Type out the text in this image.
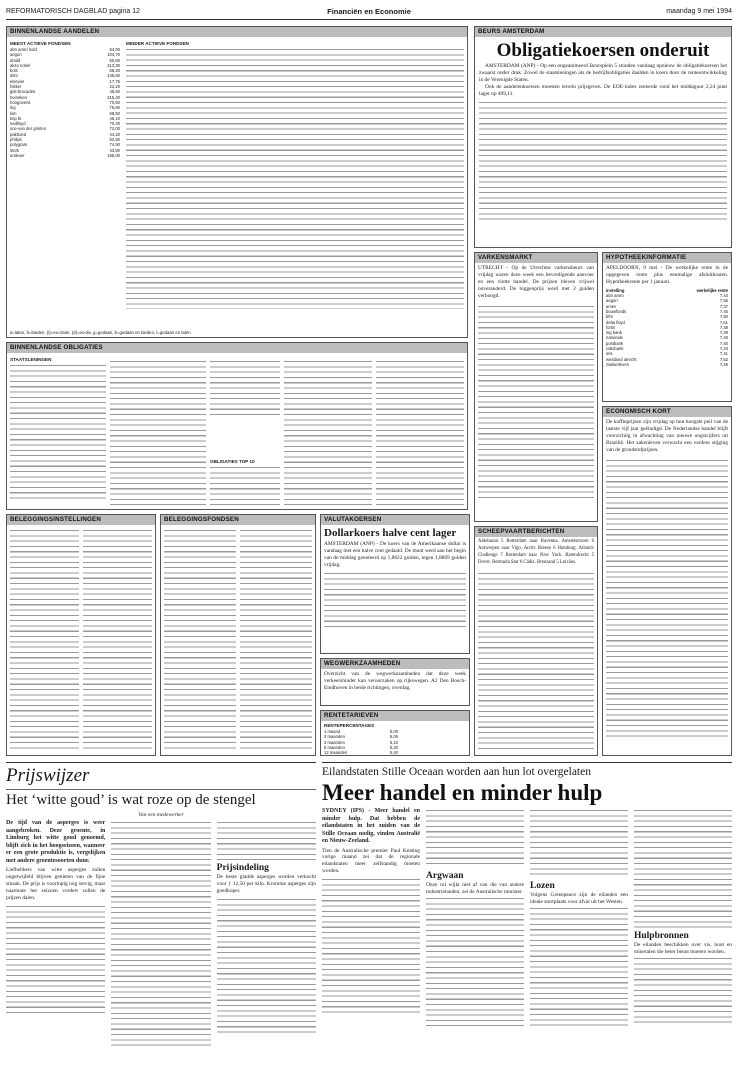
REFORMATORISCH DAGBLAD pagina 12	Financiën en Economie	maandag 9 mei 1994
BINNENLANDSE AANDELEN
MEEST ACTIEVE FONDSEN
abn amro hold	64,00
aegon	104,70
ahold	50,60
akzo nobel	213,30
bols	58,20
dsm	145,60
elsevier	17,75
fokker	22,20
gist-brocades	48,50
heineken	215,40
hoogovens	70,50
ing	76,80
kim	58,50
knp bt	46,10
nedlloyd	70,30
oce-van der grinten	72,00
pakhoed	44,20
philips	52,80
polygram	74,90
stork	43,80
unilever	195,00
MINDER ACTIEVE FONDSEN
a=laten, b=bieden, (t)=ex-claim, (d)=ex-div, g=gedaan, b=gedaan en bieden, l=gedaan en laten
BEURS AMSTERDAM
Obligatiekoersen onderuit

AMSTERDAM (ANP) - Op een ongeanimeerd Beursplein 5 stonden vandaag opnieuw de obligatiekoersen het zwaarst onder druk. Zowel de staatsleningen als de bedrijfsobligaties daalden in koers door de renteontwikkeling in de Verenigde Staten.

Ook de aandelenkoersen moesten terrein prijsgeven. De EOE-index noteerde rond het middaguur 2,24 punt lager op 409,11.

VARKENSMARKT
UTRECHT - Op de Utrechtse varkensbeurs van vrijdag waren deze week een bevredigende aanvoer en een vlotte handel. De prijzen bleven vrijwel onveranderd. De biggenprijs werd met 2 gulden verhoogd.
HYPOTHEEKINFORMATIE
APELDOORN, 9 mei - De werkelijke rente in de opgegeven rente plus eenmalige afsluitkosten. Hypotheekrente per 1 januari.
instelling	werkelijke rente
abn amro	7,44
aegon	7,55
amev	7,37
bouwfonds	7,45
bfm	7,50
delta lloyd	7,61
fortis	7,38
ing bank	7,39
nationale	7,46
postbank	7,40
rabobank	7,44
sns	7,41
westland utrecht	7,52
zwitserleven	7,49
ECONOMISCH KORT
De koffieprijzen zijn vrijdag op hun hoogste peil van de laatste vijf jaar geëindigd. De Nederlandse handel blijft voorzichtig in afwachting van nieuwe oogstcijfers uit Brazilië. Het zakenleven verwacht een verdere stijging van de grondstofprijzen.
SCHEEPVAARTBERICHTEN
Aldebaran 5 Rotterdam naar Ravenna. Amstelstroom 6 Antwerpen naar Vigo. Arctic Breeze 6 Hamburg. Atlantic Challenge 7 Rotterdam naar New York. Barendrecht 5 Dover. Bermuda Star 6 Cádiz. Breezand 5 Leixões.
BINNENLANDSE OBLIGATIES
STAATSLENINGEN
OBLIGATIES TOP 10
VALUTAKOERSEN
Dollarkoers halve cent lager
AMSTERDAM (ANP) - De koers van de Amerikaanse dollar is vandaag met een halve cent gedaald. De munt werd aan het begin van de middag genoteerd op 1,8822 gulden, tegen 1,8869 gulden vrijdag.
BELEGGINGSINSTELLINGEN	BELEGGINGSFONDSEN
WEGWERKZAAMHEDEN
Overzicht van de wegwerkzaamheden dat deze week verkeershinder kan veroorzaken op rijkswegen. A2 Den Bosch-Eindhoven in beide richtingen, overdag.
RENTETARIEVEN
RENTEPERCENTAGES
1 maand	5,00
2 maanden	5,05
3 maanden	5,10
6 maanden	5,20
12 maanden	5,40
Prijswijzer
Het ‘witte goud’ is wat roze op de stengel
Van een medewerker
De tijd van de asperges is weer aangebroken. Deze groente, in Limburg het witte goud genoemd, blijft zich in het hoogseizoen, wanneer er een grote produktie is, vergelijken met andere groentesoorten duur.
Liefhebbers van witte asperges zullen ongetwijfeld blijven genieten van de fijne smaak. De prijs is voorlopig nog stevig, maar naarmate het seizoen vordert zullen de prijzen dalen.
Prijsindeling
De beste gladde asperges worden verkocht voor ƒ 12,50 per kilo. Kromme asperges zijn goedkoper.
Eilandstaten Stille Oceaan worden aan hun lot overgelaten
Meer handel en minder hulp
SYDNEY (IPS) - Meer handel en minder hulp. Dat hebben de eilandstaten in het zuiden van de Stille Oceaan nodig, vinden Australië en Nieuw-Zeeland.
Tien de Australische premier Paul Keating vorige maand zei dat de regionale eilandstaten meer zelfstandig moeten worden.	Argwaan
Onze rol wijkt niet af van die van andere industrielanden, zei de Australische minister.
Lozen
Volgens Greenpeace zijn de eilanden een ideale stortplaats voor afval uit het Westen.
Hulpbronnen
De eilanden beschikken over vis, hout en mineralen die beter benut moeten worden.
